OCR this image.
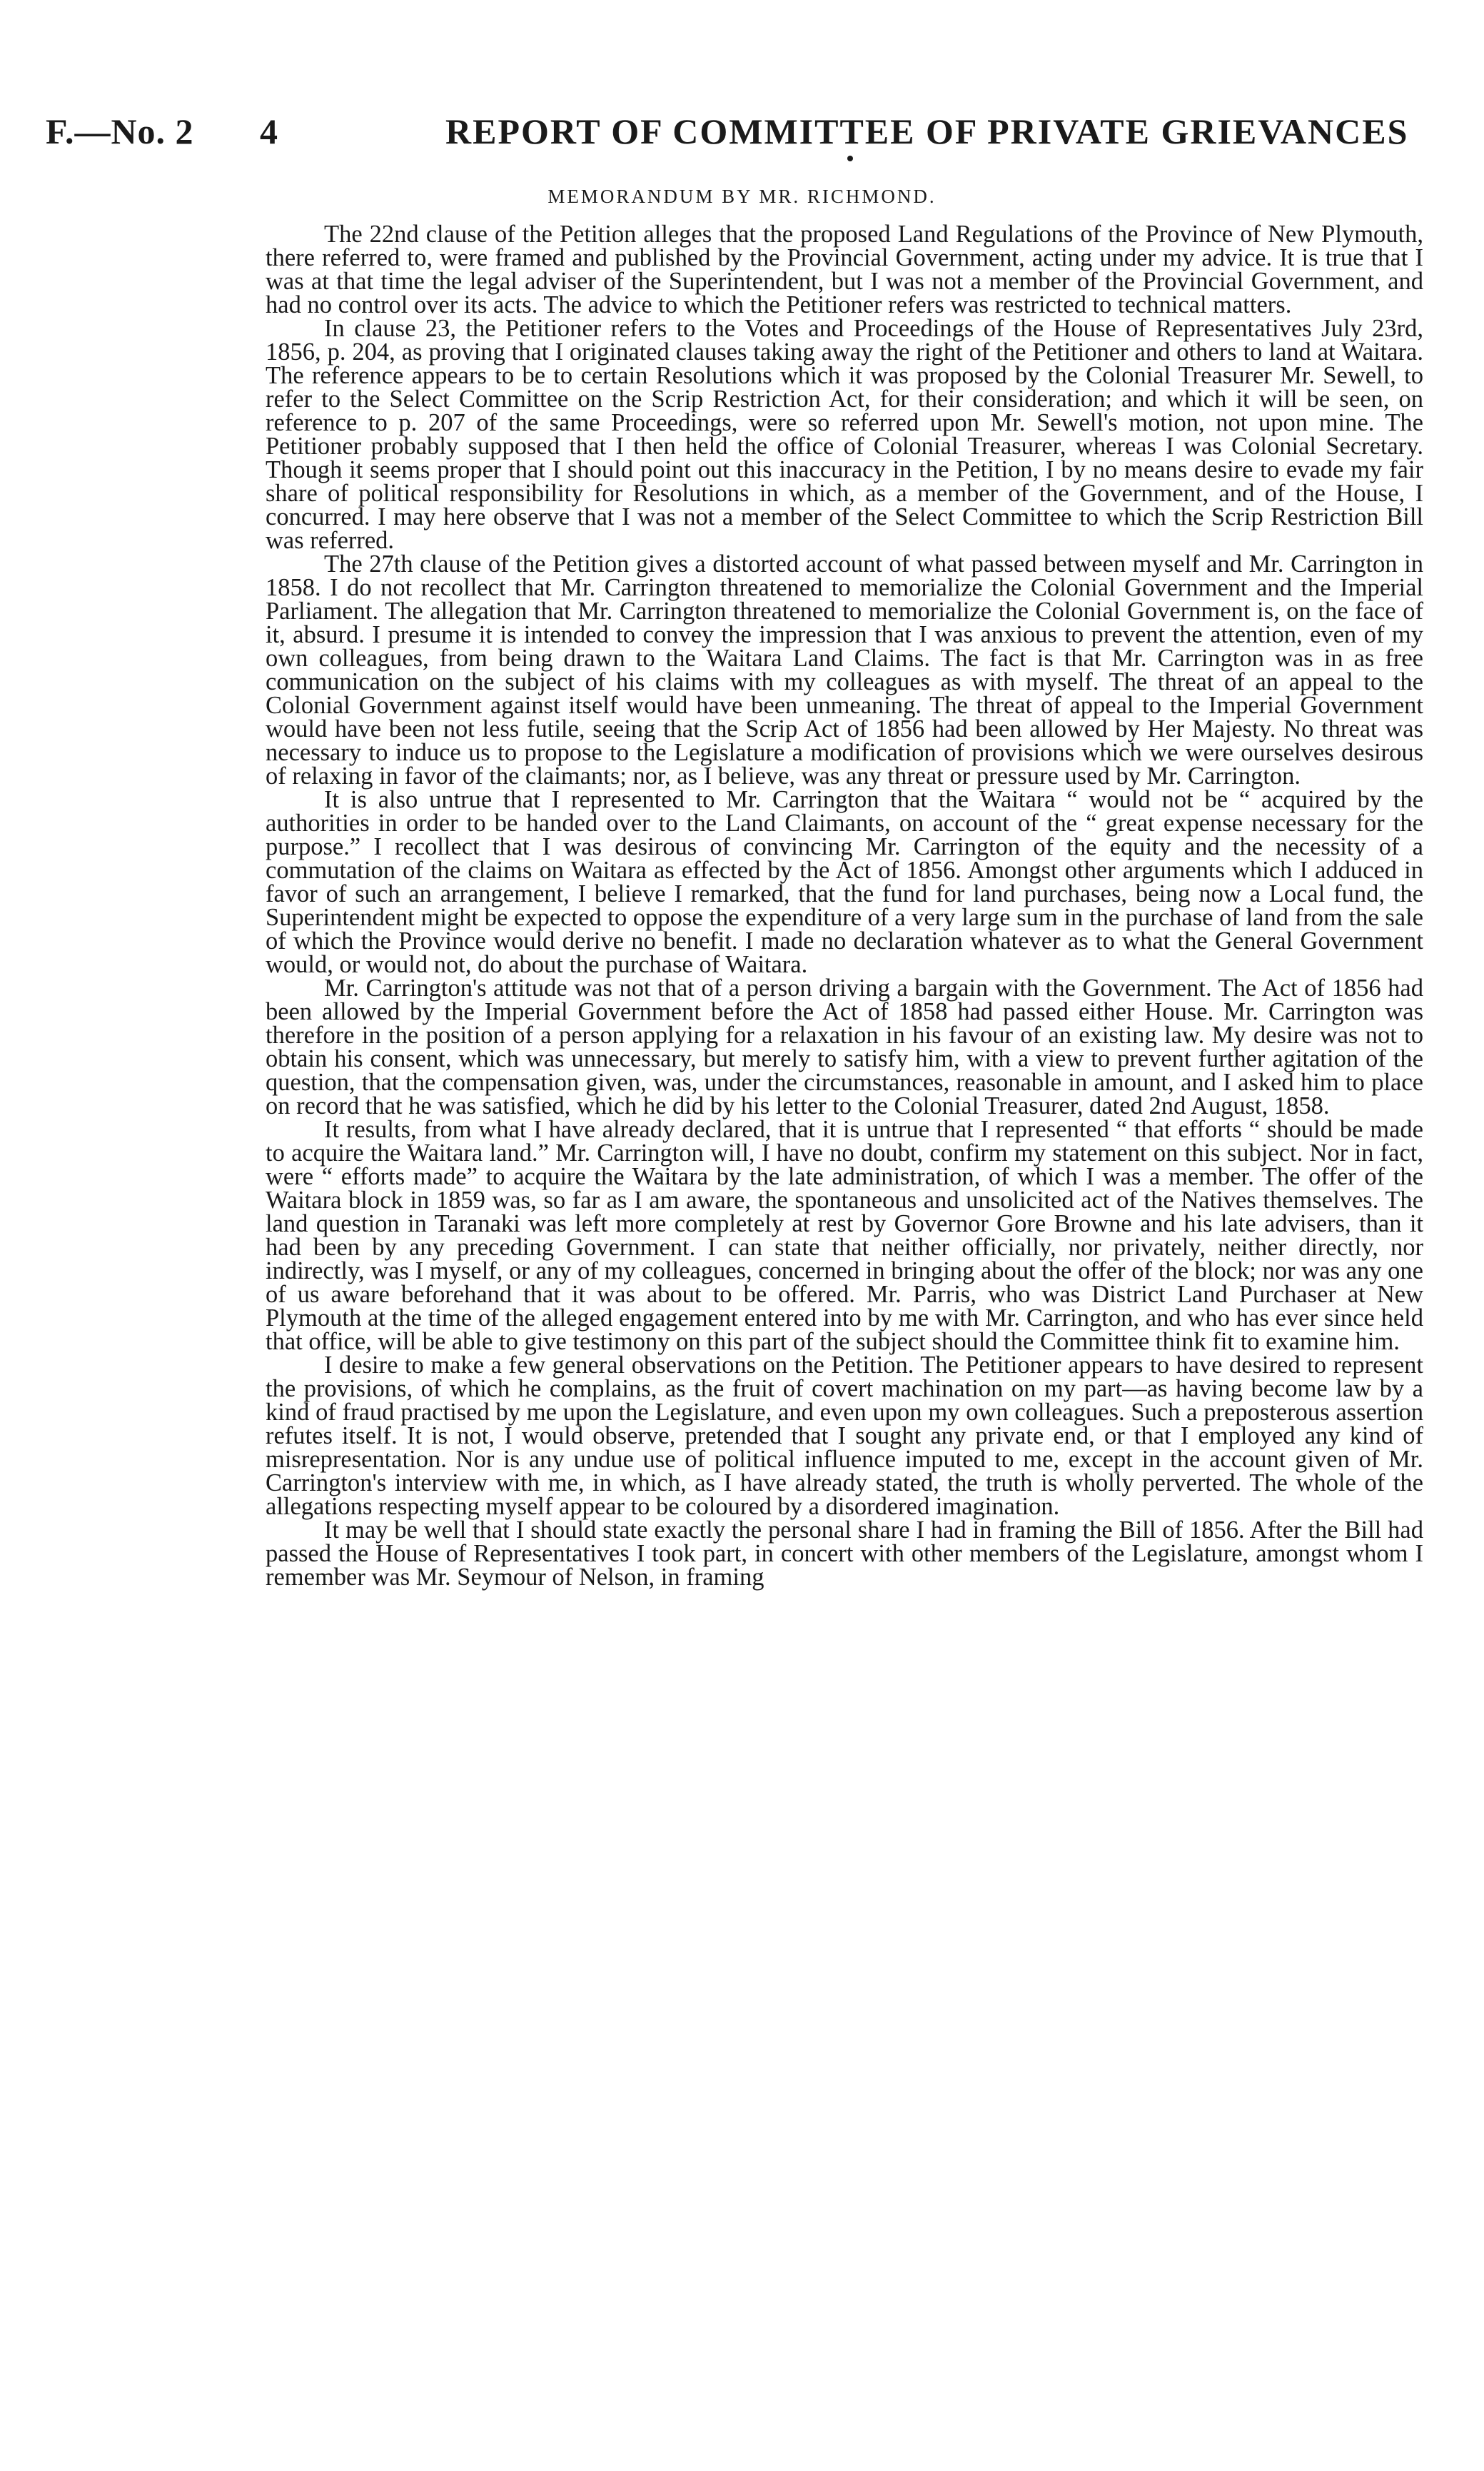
F.—No. 2 4	REPORT OF COMMITTEE OF PRIVATE GRIEVANCES
MEMORANDUM BY MR. RICHMOND.

The 22nd clause of the Petition alleges that the proposed Land Regulations of the Province of New Plymouth, there referred to, were framed and published by the Provincial Government, acting under my advice. It is true that I was at that time the legal adviser of the Superintendent, but I was not a member of the Provincial Government, and had no control over its acts. The advice to which the Petitioner refers was restricted to technical matters.

In clause 23, the Petitioner refers to the Votes and Proceedings of the House of Representatives July 23rd, 1856, p. 204, as proving that I originated clauses taking away the right of the Petitioner and others to land at Waitara. The reference appears to be to certain Resolutions which it was proposed by the Colonial Treasurer Mr. Sewell, to refer to the Select Committee on the Scrip Restriction Act, for their consideration; and which it will be seen, on reference to p. 207 of the same Proceedings, were so referred upon Mr. Sewell's motion, not upon mine. The Petitioner probably supposed that I then held the office of Colonial Treasurer, whereas I was Colonial Secretary. Though it seems proper that I should point out this inaccuracy in the Petition, I by no means desire to evade my fair share of political responsibility for Resolutions in which, as a member of the Government, and of the House, I concurred. I may here observe that I was not a member of the Select Committee to which the Scrip Restriction Bill was referred.

The 27th clause of the Petition gives a distorted account of what passed between myself and Mr. Carrington in 1858. I do not recollect that Mr. Carrington threatened to memorialize the Colonial Government and the Imperial Parliament. The allegation that Mr. Carrington threatened to memorialize the Colonial Government is, on the face of it, absurd. I presume it is intended to convey the impression that I was anxious to prevent the attention, even of my own colleagues, from being drawn to the Waitara Land Claims. The fact is that Mr. Carrington was in as free communication on the subject of his claims with my colleagues as with myself. The threat of an appeal to the Colonial Government against itself would have been unmeaning. The threat of appeal to the Imperial Government would have been not less futile, seeing that the Scrip Act of 1856 had been allowed by Her Majesty. No threat was necessary to induce us to propose to the Legislature a modification of provisions which we were ourselves desirous of relaxing in favor of the claimants; nor, as I believe, was any threat or pressure used by Mr. Carrington.

It is also untrue that I represented to Mr. Carrington that the Waitara “ would not be “ acquired by the authorities in order to be handed over to the Land Claimants, on account of the “ great expense necessary for the purpose.” I recollect that I was desirous of convincing Mr. Carrington of the equity and the necessity of a commutation of the claims on Waitara as effected by the Act of 1856. Amongst other arguments which I adduced in favor of such an arrangement, I believe I remarked, that the fund for land purchases, being now a Local fund, the Superintendent might be expected to oppose the expenditure of a very large sum in the purchase of land from the sale of which the Province would derive no benefit. I made no declaration whatever as to what the General Government would, or would not, do about the purchase of Waitara.

Mr. Carrington's attitude was not that of a person driving a bargain with the Government. The Act of 1856 had been allowed by the Imperial Government before the Act of 1858 had passed either House. Mr. Carrington was therefore in the position of a person applying for a relaxation in his favour of an existing law. My desire was not to obtain his consent, which was unnecessary, but merely to satisfy him, with a view to prevent further agitation of the question, that the compensation given, was, under the circumstances, reasonable in amount, and I asked him to place on record that he was satisfied, which he did by his letter to the Colonial Treasurer, dated 2nd August, 1858.

It results, from what I have already declared, that it is untrue that I represented “ that efforts “ should be made to acquire the Waitara land.” Mr. Carrington will, I have no doubt, confirm my statement on this subject. Nor in fact, were “ efforts made” to acquire the Waitara by the late administration, of which I was a member. The offer of the Waitara block in 1859 was, so far as I am aware, the spontaneous and unsolicited act of the Natives themselves. The land question in Taranaki was left more completely at rest by Governor Gore Browne and his late advisers, than it had been by any preceding Government. I can state that neither officially, nor privately, neither directly, nor indirectly, was I myself, or any of my colleagues, concerned in bringing about the offer of the block; nor was any one of us aware beforehand that it was about to be offered. Mr. Parris, who was District Land Purchaser at New Plymouth at the time of the alleged engagement entered into by me with Mr. Carrington, and who has ever since held that office, will be able to give testimony on this part of the subject should the Committee think fit to examine him.

I desire to make a few general observations on the Petition. The Petitioner appears to have desired to represent the provisions, of which he complains, as the fruit of covert machination on my part—as having become law by a kind of fraud practised by me upon the Legislature, and even upon my own colleagues. Such a preposterous assertion refutes itself. It is not, I would observe, pretended that I sought any private end, or that I employed any kind of misrepresentation. Nor is any undue use of political influence imputed to me, except in the account given of Mr. Carrington's interview with me, in which, as I have already stated, the truth is wholly perverted. The whole of the allegations respecting myself appear to be coloured by a disordered imagination.

It may be well that I should state exactly the personal share I had in framing the Bill of 1856. After the Bill had passed the House of Representatives I took part, in concert with other members of the Legislature, amongst whom I remember was Mr. Seymour of Nelson, in framing
